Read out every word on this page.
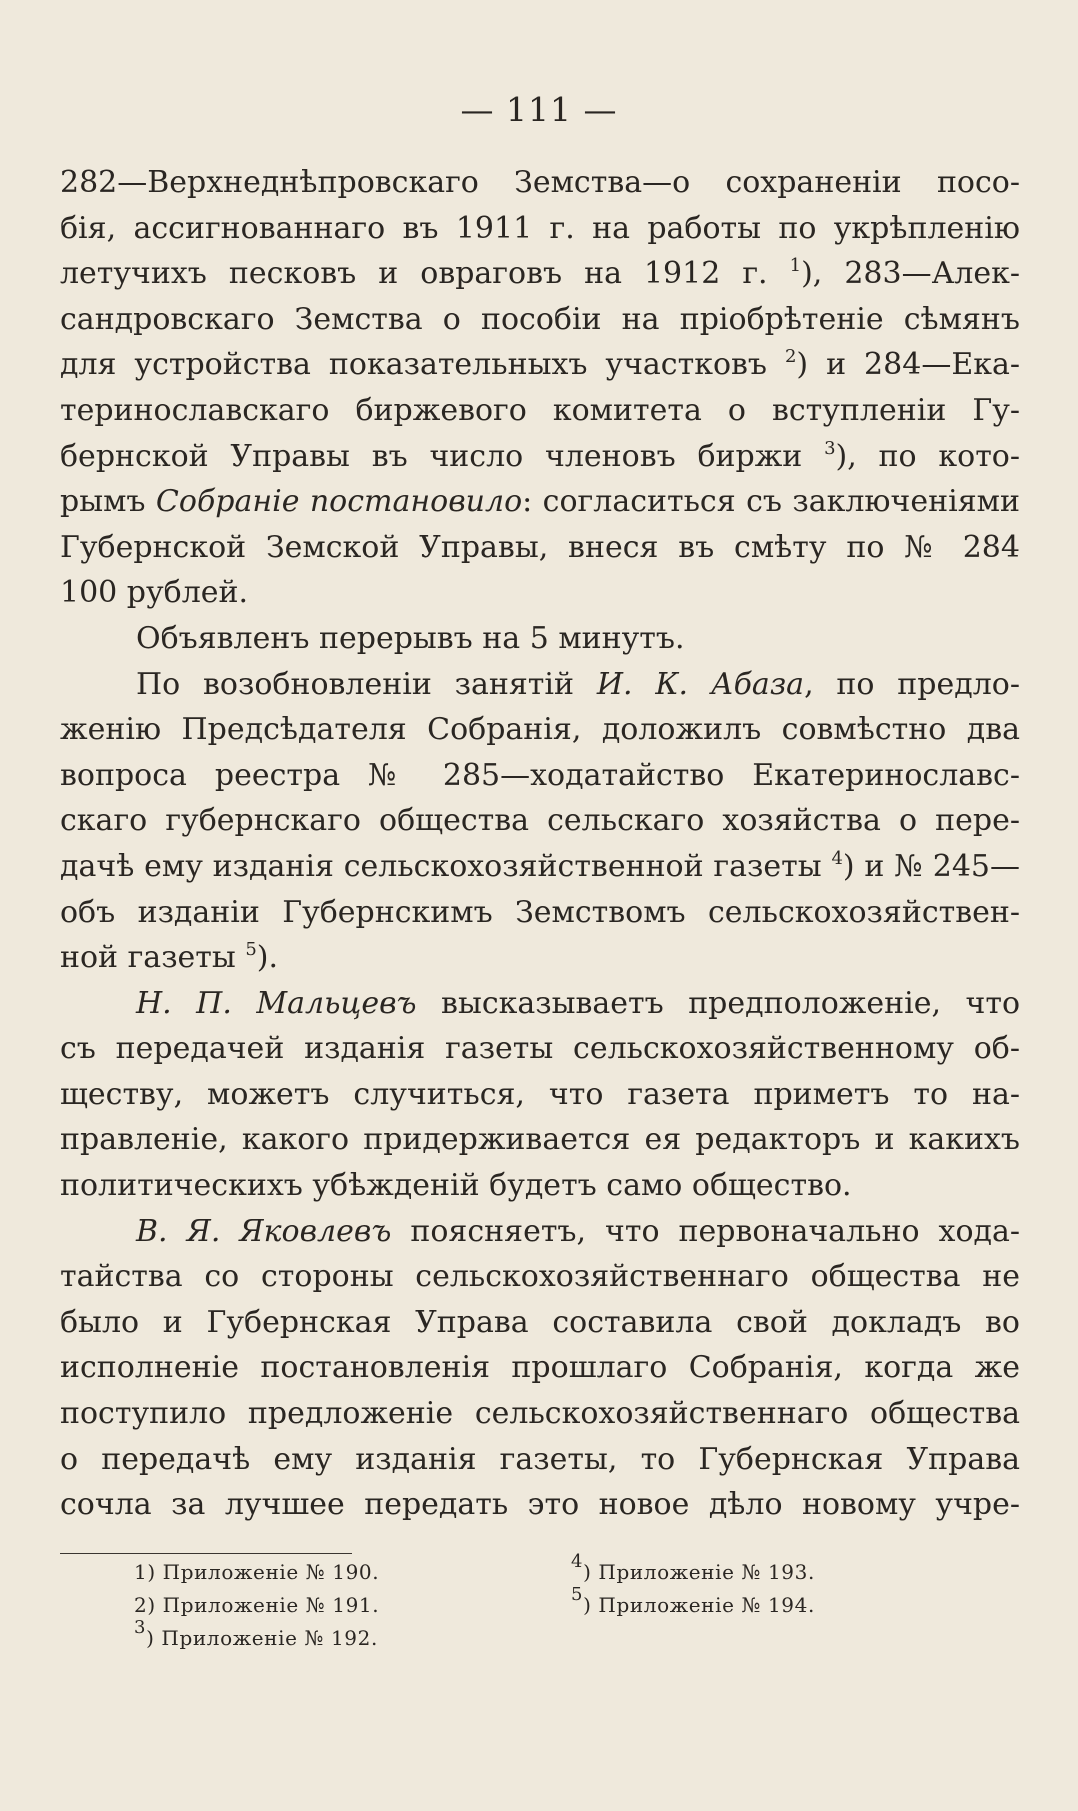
— 111 —
282—Верхнеднѣпровскаго Земства—о сохраненіи посо-
бія, ассигнованнаго въ 1911 г. на работы по укрѣпленію
летучихъ песковъ и овраговъ на 1912 г. $^1$), 283—Алек-
сандровскаго Земства о пособіи на пріобрѣтеніе сѣмянъ
для устройства показательныхъ участковъ $^2$) и 284—Ека-
теринославскаго биржевого комитета о вступленіи Гу-
бернской Управы въ число членовъ биржи $^3$), по кото-
рымъ Собраніе постановило: согласиться съ заключеніями
Губернской Земской Управы, внеся въ смѣту по № 284
100 рублей.
Объявленъ перерывъ на 5 минутъ.
По возобновленіи занятій И. К. Абаза, по предло-
женію Предсѣдателя Собранія, доложилъ совмѣстно два
вопроса реестра № 285—ходатайство Екатеринославс-
скаго губернскаго общества сельскаго хозяйства о пере-
дачѣ ему изданія сельскохозяйственной газеты $^4$) и № 245—
объ изданіи Губернскимъ Земствомъ сельскохозяйствен-
ной газеты $^5$).
Н. П. Мальцевъ высказываетъ предположеніе, что
съ передачей изданія газеты сельскохозяйственному об-
ществу, можетъ случиться, что газета приметъ то на-
правленіе, какого придерживается ея редакторъ и какихъ
политическихъ убѣжденій будетъ само общество.
В. Я. Яковлевъ поясняетъ, что первоначально хода-
тайства со стороны сельскохозяйственнаго общества не
было и Губернская Управа составила свой докладъ во
исполненіе постановленія прошлаго Собранія, когда же
поступило предложеніе сельскохозяйственнаго общества
о передачѣ ему изданія газеты, то Губернская Управа
сочла за лучшее передать это новое дѣло новому учре-
1) Приложеніе № 190.
2) Приложеніе № 191.
$^3$) Приложеніе № 192.
$^4$) Приложеніе № 193.
$^5$) Приложеніе № 194.
